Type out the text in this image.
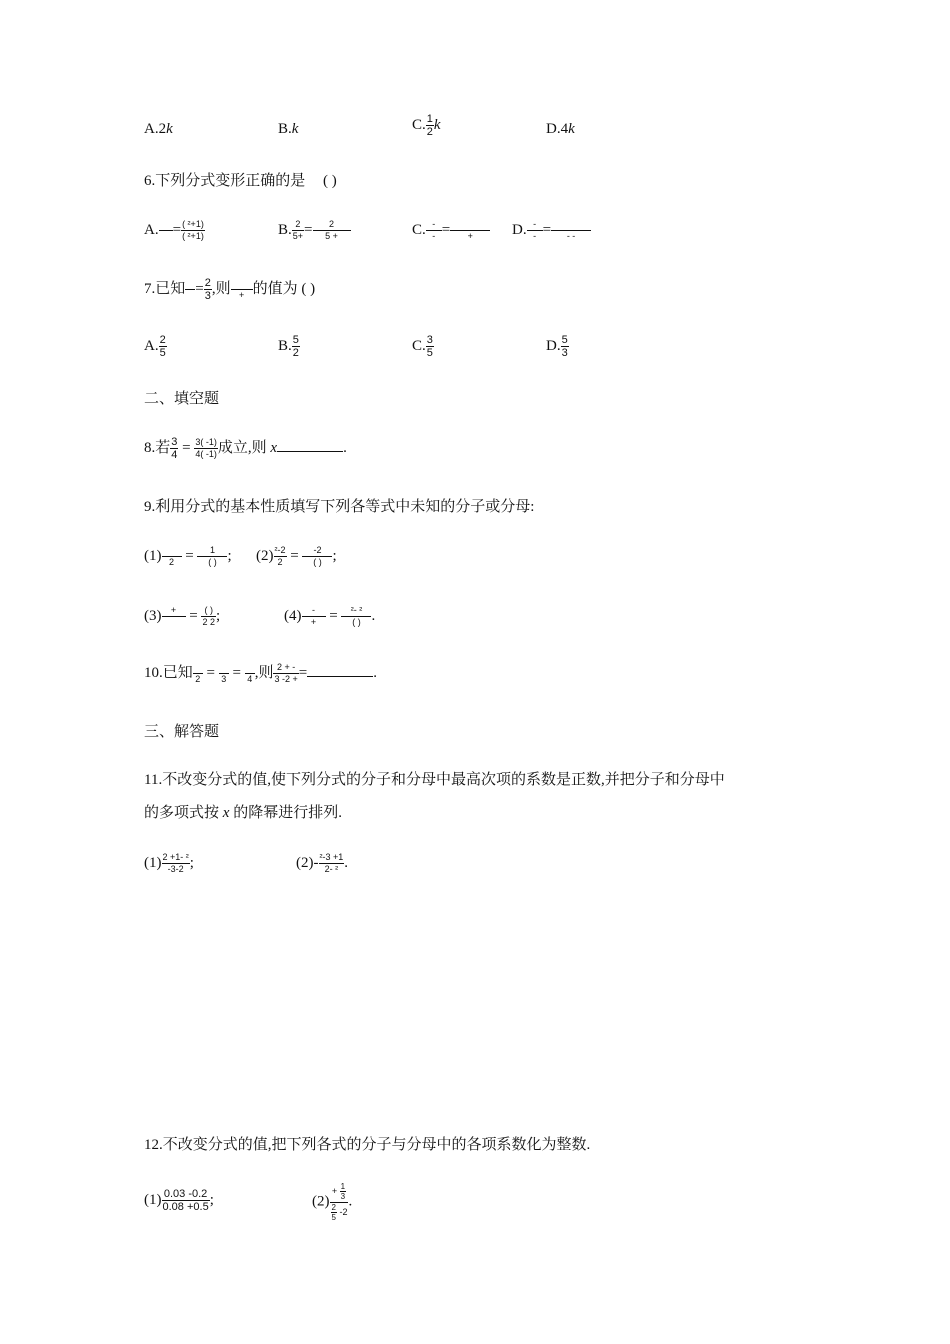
A.2k	B.k	C. $\frac{1}{2}$ k	D.4k
6.下列分式变形正确的是 ( )
A. = $\frac{\text{( ²+1)}}{\text{( ²+1)}}$	B. $\frac{2}{5+} = \frac{2}{5 +}$	C. $\frac{-}{-}$ =	+	D. $\frac{-}{-}$ =	- -
7.已知 = $\frac{2}{3}$ ,则 + 的值为 ( )
A. $\frac{2}{5}$	B. $\frac{5}{2}$	C. $\frac{3}{5}$	D. $\frac{5}{3}$
二、填空题
8.若 $\frac{3}{4} = \frac{3( -1)}{4( -1)}$ 成立,则 x	.
9.利用分式的基本性质填写下列各等式中未知的分子或分母:
(1) $2 = \frac{1}{( )}$ ; $(2) \frac{\text{²-2}}{2} = \frac{-2}{( )}$ ;
(3)	+ = $\frac{( )}{2 2}$ ;	$(4) \frac{-}{+} = \frac{\text{²- ²}}{( )}$ .
10.已知 2 = 3 = 4 ,则 $\frac{2 + -}{3 -2 +}$ =	.
三、解答题
11.不改变分式的值,使下列分式的分子和分母中最高次项的系数是正数,并把分子和分母中
的多项式按 x 的降幂进行排列.
$(1) \frac{\text{2 +1- ²}}{-3-2}$ ;	$(2)- \frac{\text{²-3 +1}}{\text{2- ²}}$ .
12.不改变分式的值,把下列各式的分子与分母中的各项系数化为整数.
$(1) \frac{0.03 -0.2}{0.08 +0.5}$ ;	$(2) \frac{+ \frac{1}{3}}{\frac{2}{5} -2}$ .
